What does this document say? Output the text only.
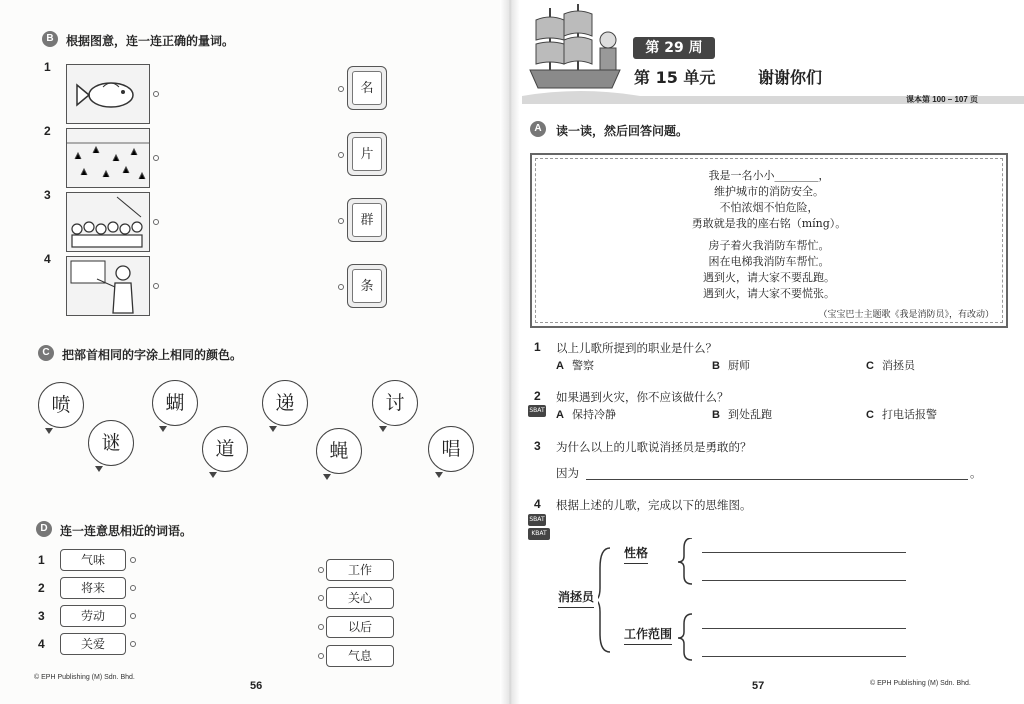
B	根据图意，连一连正确的量词。
1
2
3
4
名
片
群
条
C	把部首相同的字涂上相同的颜色。
喷
谜
蝴
道
递
蝇
讨
唱
D	连一连意思相近的词语。
1
2
3
4
气味
将来
劳动
关爱
工作
关心
以后
气息
© EPH Publishing (M) Sdn. Bhd.
56
第 29 周
第 15 单元	谢谢你们
课本第 100 – 107 页
A	读一读，然后回答问题。
我是一名小小________，
维护城市的消防安全。
不怕浓烟不怕危险，
勇敢就是我的座右铭（míng）。
房子着火我消防车帮忙。
困在电梯我消防车帮忙。
遇到火，请大家不要乱跑。
遇到火，请大家不要慌张。
（宝宝巴士主题歌《我是消防员》，有改动）
1 以上儿歌所提到的职业是什么？
A 警察	B 厨师	C 消拯员
2 如果遇到火灾，你不应该做什么？
SBAT A 保持冷静	B 到处乱跑	C 打电话报警
3 为什么以上的儿歌说消拯员是勇敢的？
因为	。
4 根据上述的儿歌，完成以下的思维图。
SBAT
KBAT
消拯员
性格
工作范围
57	© EPH Publishing (M) Sdn. Bhd.
